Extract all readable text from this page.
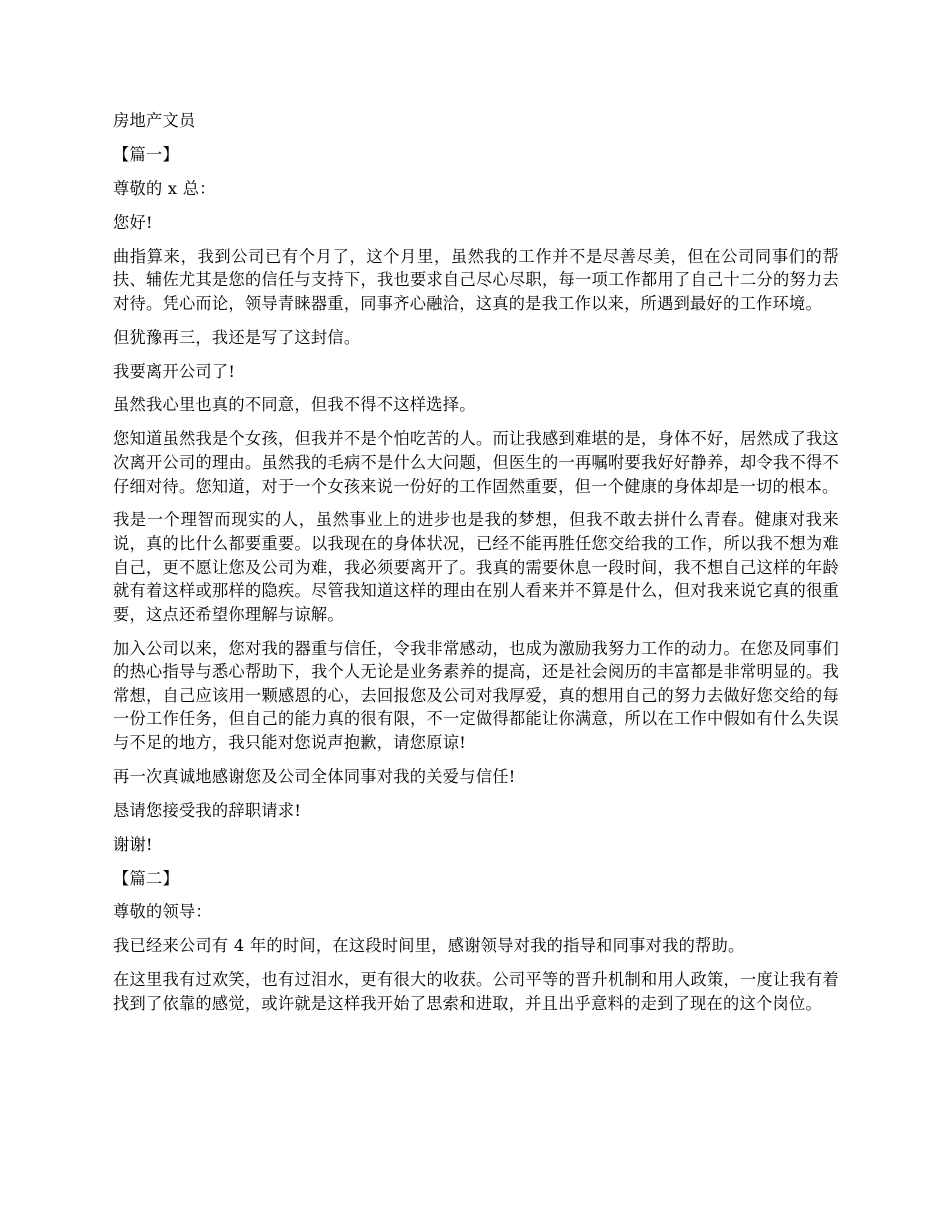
房地产文员

【篇一】

尊敬的 x 总：

您好!

曲指算来，我到公司已有个月了，这个月里，虽然我的工作并不是尽善尽美，但在公司同事们的帮扶、辅佐尤其是您的信任与支持下，我也要求自己尽心尽职，每一项工作都用了自己十二分的努力去对待。凭心而论，领导青睐器重，同事齐心融洽，这真的是我工作以来，所遇到最好的工作环境。

但犹豫再三，我还是写了这封信。

我要离开公司了!

虽然我心里也真的不同意，但我不得不这样选择。

您知道虽然我是个女孩，但我并不是个怕吃苦的人。而让我感到难堪的是，身体不好，居然成了我这次离开公司的理由。虽然我的毛病不是什么大问题，但医生的一再嘱咐要我好好静养，却令我不得不仔细对待。您知道，对于一个女孩来说一份好的工作固然重要，但一个健康的身体却是一切的根本。

我是一个理智而现实的人，虽然事业上的进步也是我的梦想，但我不敢去拼什么青春。健康对我来说，真的比什么都要重要。以我现在的身体状况，已经不能再胜任您交给我的工作，所以我不想为难自己，更不愿让您及公司为难，我必须要离开了。我真的需要休息一段时间，我不想自己这样的年龄就有着这样或那样的隐疾。尽管我知道这样的理由在别人看来并不算是什么，但对我来说它真的很重要，这点还希望你理解与谅解。

加入公司以来，您对我的器重与信任，令我非常感动，也成为激励我努力工作的动力。在您及同事们的热心指导与悉心帮助下，我个人无论是业务素养的提高，还是社会阅历的丰富都是非常明显的。我常想，自己应该用一颗感恩的心，去回报您及公司对我厚爱，真的想用自己的努力去做好您交给的每一份工作任务，但自己的能力真的很有限，不一定做得都能让你满意，所以在工作中假如有什么失误与不足的地方，我只能对您说声抱歉，请您原谅!

再一次真诚地感谢您及公司全体同事对我的关爱与信任!

恳请您接受我的辞职请求!

谢谢!

【篇二】

尊敬的领导：

我已经来公司有 4 年的时间，在这段时间里，感谢领导对我的指导和同事对我的帮助。

在这里我有过欢笑，也有过泪水，更有很大的收获。公司平等的晋升机制和用人政策，一度让我有着找到了依靠的感觉，或许就是这样我开始了思索和进取，并且出乎意料的走到了现在的这个岗位。
